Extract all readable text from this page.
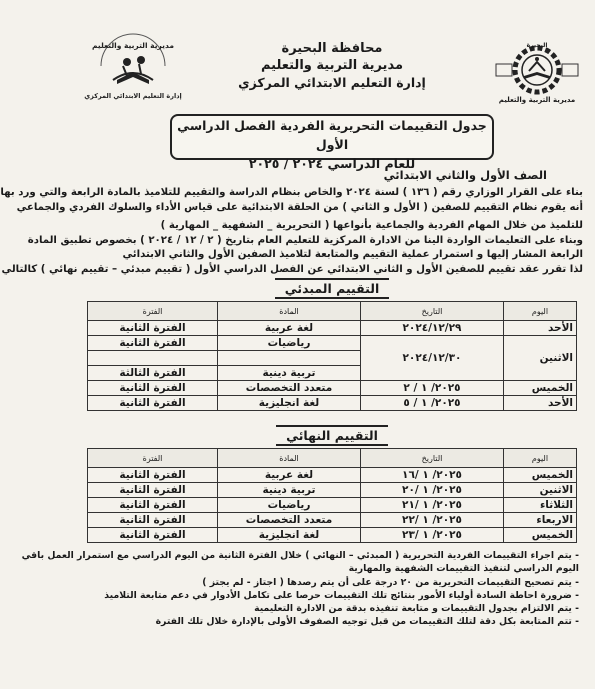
مديرية التربية والتعليم
البحيرة
محافظة البحيرة
مديرية التربية والتعليم
إدارة التعليم الابتدائي المركزي
مديرية التربية والتعليم
إدارة التعليم الابتدائي المركزي
جدول التقييمات التحريرية الفردية الفصل الدراسي الأول
للعام الدراسي ٢٠٢٤ / ٢٠٢٥
الصف الأول والثاني الابتدائي
بناء على القرار الوزاري رقم ( ١٣٦ ) لسنة ٢٠٢٤ والخاص بنظام الدراسة والتقييم للتلاميذ بالمادة الرابعة والتي ورد بها
أنه يقوم نظام التقييم للصفين ( الأول و الثاني ) من الحلقة الابتدائية على قياس الأداء والسلوك الفردي والجماعي
للتلميذ من خلال المهام الفردية والجماعية بأنواعها ( التحريرية _ الشفهية _ المهارية )
وبناء على التعليمات الواردة الينا من الادارة المركزية للتعليم العام بتاريخ ( ٢ / ١٢ / ٢٠٢٤ ) بخصوص تطبيق المادة
الرابعة المشار إليها و استمرار عملية التقييم والمتابعة لتلاميذ الصفين الأول والثاني الابتدائي
لذا تقرر عقد تقييم للصفين الأول و الثاني الابتدائي عن الفصل الدراسي الأول ( تقييم مبدئي – تقييم نهائي ) كالتالي
التقييم المبدئي
اليوم	التاريخ	المادة	الفترة
الأحد	٢٠٢٤/١٢/٢٩	لغة عربية	الفترة الثانية
الاثنين	٢٠٢٤/١٢/٣٠	رياضيات	الفترة الثانية

		تربية دينية	الفترة الثالثة
الخميس	٢٠٢٥/ ١ / ٢	متعدد التخصصات	الفترة الثانية
الأحد	٢٠٢٥/ ١ / ٥	لغة انجليزية	الفترة الثانية
التقييم النهائي
اليوم	التاريخ	المادة	الفترة
الخميس	٢٠٢٥/ ١ /١٦	لغة عربية	الفترة الثانية
الاثنين	٢٠٢٥/ ١ /٢٠	تربية دينية	الفترة الثانية
الثلاثاء	٢٠٢٥/ ١ /٢١	رياضيات	الفترة الثانية
الاربعاء	٢٠٢٥/ ١ /٢٢	متعدد التخصصات	الفترة الثانية
الخميس	٢٠٢٥/ ١ /٢٣	لغة انجليزية	الفترة الثانية
- يتم اجراء التقييمات الفردية التحريرية ( المبدئي – النهائي ) خلال الفترة الثانية من اليوم الدراسي مع استمرار العمل باقي
اليوم الدراسي لتنفيذ التقييمات الشفهية والمهارية
- يتم تصحيح التقييمات التحريرية من ٢٠ درجة على أن يتم رصدها ( اجتاز - لم يجتز )
- ضرورة احاطة السادة أولياء الأمور بنتائج تلك التقييمات حرصا على تكامل الأدوار في دعم متابعة التلاميذ
- يتم الالتزام بجدول التقييمات و متابعة تنفيذه بدقة من الادارة التعليمية
- تتم المتابعة بكل دقة لتلك التقييمات من قبل توجيه الصفوف الأولى بالإدارة خلال تلك الفترة
